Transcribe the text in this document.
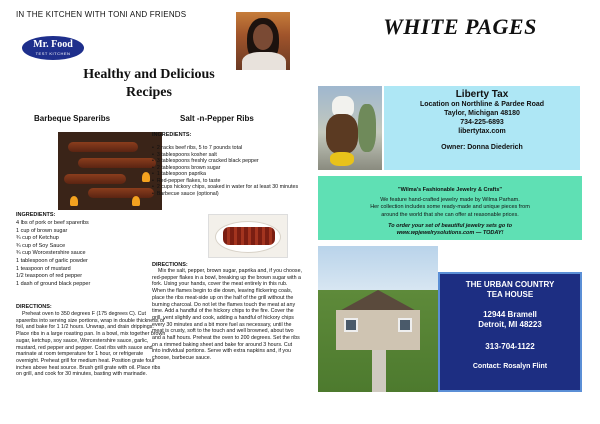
IN THE KITCHEN WITH TONI AND FRIENDS
Mr. Food
TEST KITCHEN
Healthy and Delicious
Recipes
Barbeque Spareribs	Salt -n-Pepper Ribs
INGREDIENTS:
4 lbs of pork or beef spareribs
1 cup of brown sugar
¾ cup of Ketchup
¾ cup of Soy Sauce
¾ cup Worcestershire sauce
1 tablespoon of garlic powder
1 teaspoon of mustard
1/2 teaspoon of red pepper
1 dash of ground black pepper
DIRECTIONS:

Preheat oven to 350 degrees F (175 degrees C). Cut spareribs into serving size portions, wrap in double thickness of foil, and bake for 1 1/2 hours. Unwrap, and drain drippings. Place ribs in a large roasting pan. In a bowl, mix together brown sugar, ketchup, soy sauce, Worcestershire sauce, garlic, mustard, red pepper and pepper. Coat ribs with sauce and marinate at room temperature for 1 hour, or refrigerate overnight. Preheat grill for medium heat. Position grate four inches above heat source. Brush grill grate with oil. Place ribs on grill, and cook for 30 minutes, basting with marinade.

INGREDIENTS:
•  2 racks beef ribs, 5 to 7 pounds total
•  3 tablespoons kosher salt
•  3 tablespoons freshly cracked black pepper
•  2 tablespoons brown sugar
•  1 tablespoon paprika
•  Red-pepper flakes, to taste
•  2 cups hickory chips, soaked in water for at least 30 minutes
•  Barbecue sauce (optional)
DIRECTIONS:

Mix the salt, pepper, brown sugar, paprika and, if you choose, red-pepper flakes in a bowl, breaking up the brown sugar with a fork. Using your hands, cover the meat entirely in this rub. When the flames begin to die down, leaving flickering coals, place the ribs meat-side up on the half of the grill without the burning charcoal. Do not let the flames touch the meat at any time. Add a handful of the hickory chips to the fire. Cover the grill, vent slightly and cook, adding a handful of hickory chips every 30 minutes and a bit more fuel as necessary, until the meat is crusty, soft to the touch and well browned, about two and a half hours. Preheat the oven to 200 degrees. Set the ribs on a rimmed baking sheet and bake for around 3 hours. Cut into individual portions. Serve with extra napkins and, if you choose, barbecue sauce.

WHITE PAGES
Liberty Tax
Location on Northline & Pardee Road
Taylor, Michigan 48180
734-225-6893
libertytax.com
Owner: Donna Diederich
"Wilma's Fashionable Jewelry & Crafts"
We feature hand-crafted jewelry made by Wilma Parham.
Her collection includes some ready-made and unique pieces from
around the world that she can offer at reasonable prices.
To order your set of beautiful jewelry sets go to
www.wpjewelrysolutions.com — TODAY!
THE URBAN COUNTRY
TEA HOUSE
12944 Bramell
Detroit, MI 48223
313-704-1122
Contact: Rosalyn Flint
